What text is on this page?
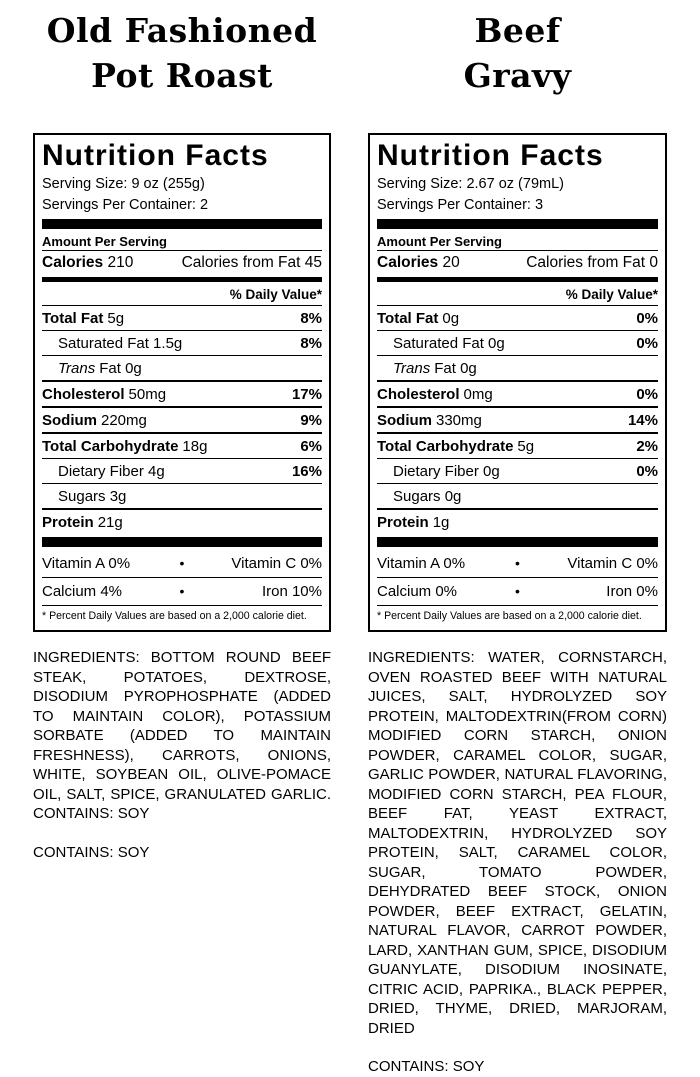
Old Fashioned
Pot Roast
Nutrition Facts
Serving Size: 9 oz (255g)
Servings Per Container: 2
Amount Per Serving
Calories 210	Calories from Fat 45
% Daily Value*
Total Fat 5g	8%
Saturated Fat 1.5g	8%
Trans Fat 0g
Cholesterol 50mg	17%
Sodium 220mg	9%
Total Carbohydrate 18g	6%
Dietary Fiber 4g	16%
Sugars 3g
Protein 21g
Vitamin A 0%	•	Vitamin C 0%
Calcium 4%	•	Iron 10%
* Percent Daily Values are based on a 2,000 calorie diet.
INGREDIENTS: BOTTOM ROUND BEEF STEAK, POTATOES, DEXTROSE, DISODIUM PYROPHOSPHATE (ADDED TO MAINTAIN COLOR), POTASSIUM SORBATE (ADDED TO MAINTAIN FRESHNESS), CARROTS, ONIONS, WHITE, SOYBEAN OIL, OLIVE-POMACE OIL, SALT, SPICE, GRANULATED GARLIC. CONTAINS: SOY
CONTAINS: SOY
Beef
Gravy
Nutrition Facts
Serving Size: 2.67 oz (79mL)
Servings Per Container: 3
Amount Per Serving
Calories 20	Calories from Fat 0
% Daily Value*
Total Fat 0g	0%
Saturated Fat 0g	0%
Trans Fat 0g
Cholesterol 0mg	0%
Sodium 330mg	14%
Total Carbohydrate 5g	2%
Dietary Fiber 0g	0%
Sugars 0g
Protein 1g
Vitamin A 0%	•	Vitamin C 0%
Calcium 0%	•	Iron 0%
* Percent Daily Values are based on a 2,000 calorie diet.
INGREDIENTS: WATER, CORNSTARCH, OVEN ROASTED BEEF WITH NATURAL JUICES, SALT, HYDROLYZED SOY PROTEIN, MALTODEXTRIN(FROM CORN) MODIFIED CORN STARCH, ONION POWDER, CARAMEL COLOR, SUGAR, GARLIC POWDER, NATURAL FLAVORING, MODIFIED CORN STARCH, PEA FLOUR, BEEF FAT, YEAST EXTRACT, MALTODEXTRIN, HYDROLYZED SOY PROTEIN, SALT, CARAMEL COLOR, SUGAR, TOMATO POWDER, DEHYDRATED BEEF STOCK, ONION POWDER, BEEF EXTRACT, GELATIN, NATURAL FLAVOR, CARROT POWDER, LARD, XANTHAN GUM, SPICE, DISODIUM GUANYLATE, DISODIUM INOSINATE, CITRIC ACID, PAPRIKA., BLACK PEPPER, DRIED, THYME, DRIED, MARJORAM, DRIED
CONTAINS: SOY
